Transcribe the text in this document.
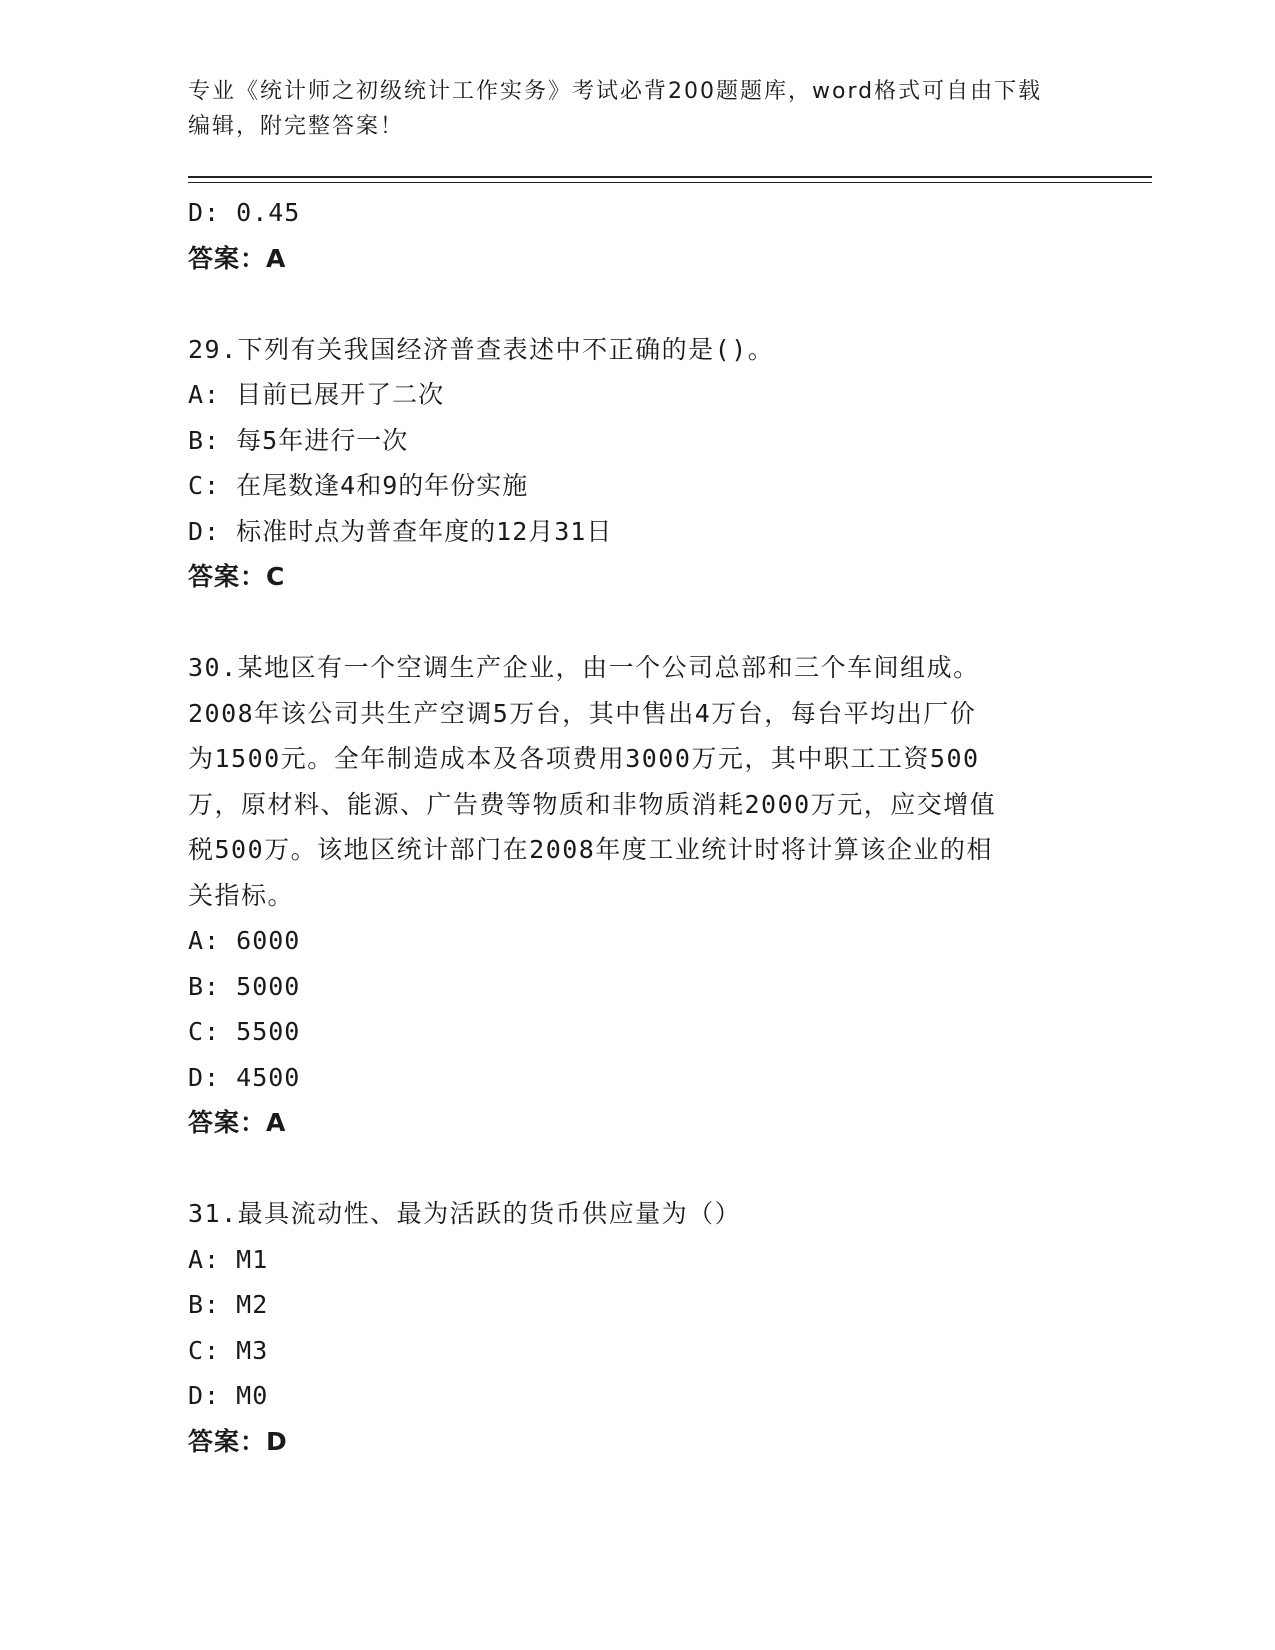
专业《统计师之初级统计工作实务》考试必背200题题库，word格式可自由下载
编辑，附完整答案！
D: 0.45
答案：A
29.下列有关我国经济普查表述中不正确的是()。
A: 目前已展开了二次
B: 每5年进行一次
C: 在尾数逢4和9的年份实施
D: 标准时点为普查年度的12月31日
答案：C
30.某地区有一个空调生产企业，由一个公司总部和三个车间组成。
2008年该公司共生产空调5万台，其中售出4万台，每台平均出厂价
为1500元。全年制造成本及各项费用3000万元，其中职工工资500
万，原材料、能源、广告费等物质和非物质消耗2000万元，应交增值
税500万。该地区统计部门在2008年度工业统计时将计算该企业的相
关指标。
A: 6000
B: 5000
C: 5500
D: 4500
答案：A
31.最具流动性、最为活跃的货币供应量为（）
A: M1
B: M2
C: M3
D: M0
答案：D
